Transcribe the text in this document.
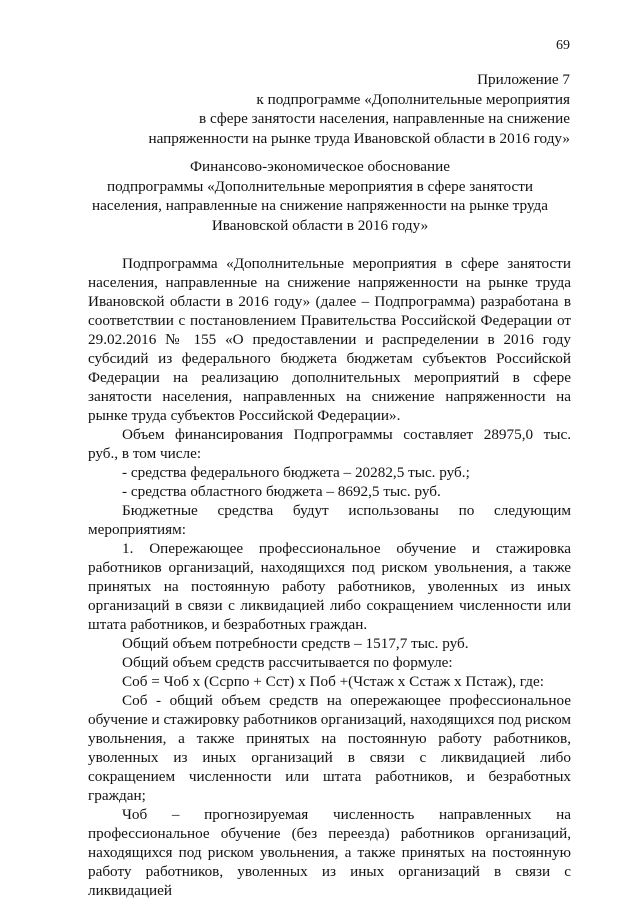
69
Приложение 7
к подпрограмме «Дополнительные мероприятия
в сфере занятости населения, направленные на снижение
напряженности на рынке труда Ивановской области в 2016 году»
Финансово-экономическое обоснование
подпрограммы «Дополнительные мероприятия в сфере занятости
населения, направленные на снижение напряженности на рынке труда
Ивановской области в 2016 году»

Подпрограмма «Дополнительные мероприятия в сфере занятости населения, направленные на снижение напряженности на рынке труда Ивановской области в 2016 году» (далее – Подпрограмма) разработана в соответствии с постановлением Правительства Российской Федерации от 29.02.2016 № 155 «О предоставлении и распределении в 2016 году субсидий из федерального бюджета бюджетам субъектов Российской Федерации на реализацию дополнительных мероприятий в сфере занятости населения, направленных на снижение напряженности на рынке труда субъектов Российской Федерации».

Объем финансирования Подпрограммы составляет 28975,0 тыс. руб., в том числе:

- средства федерального бюджета – 20282,5 тыс. руб.;
- средства областного бюджета – 8692,5 тыс. руб.

Бюджетные средства будут использованы по следующим мероприятиям:

1. Опережающее профессиональное обучение и стажировка работников организаций, находящихся под риском увольнения, а также принятых на постоянную работу работников, уволенных из иных организаций в связи с ликвидацией либо сокращением численности или штата работников, и безработных граждан.

Общий объем потребности средств – 1517,7 тыс. руб.
Общий объем средств рассчитывается по формуле:
Соб = Чоб x (Ссрпо + Сст) x Поб +(Чстаж x Сстаж x Пстаж), где:

Соб - общий объем средств на опережающее профессиональное обучение и стажировку работников организаций, находящихся под риском увольнения, а также принятых на постоянную работу работников, уволенных из иных организаций в связи с ликвидацией либо сокращением численности или штата работников, и безработных граждан;

Чоб – прогнозируемая численность направленных на профессиональное обучение (без переезда) работников организаций, находящихся под риском увольнения, а также принятых на постоянную работу работников, уволенных из иных организаций в связи с ликвидацией
